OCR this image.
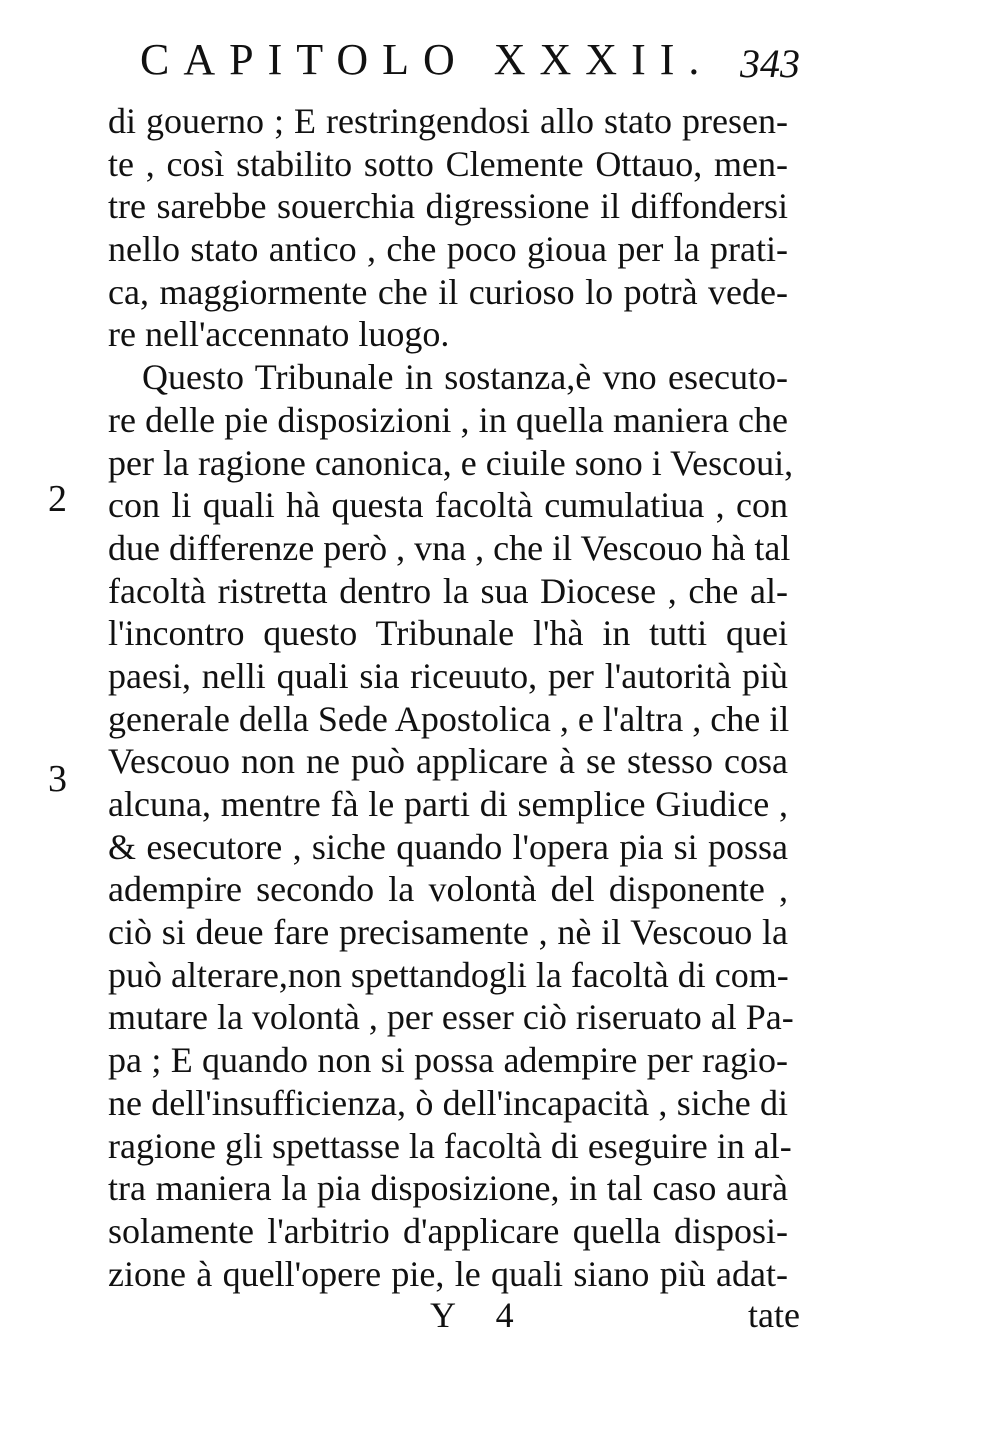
CAPITOLO XXXII. 343
di gouerno ; E restringendosi allo stato presen-
te , così stabilito sotto Clemente Ottauo, men-
tre sarebbe souerchia digressione il diffondersi
nello stato antico , che poco gioua per la prati-
ca, maggiormente che il curioso lo potrà vede-
re nell'accennato luogo.
Questo Tribunale in sostanza,è vno esecuto-
re delle pie disposizioni , in quella maniera che
per la ragione canonica, e ciuile sono i Vescoui,
con li quali hà questa facoltà cumulatiua , con
due differenze però , vna , che il Vescouo hà tal
facoltà ristretta dentro la sua Diocese , che al-
l'incontro questo Tribunale l'hà in tutti quei
paesi, nelli quali sia riceuuto, per l'autorità più
generale della Sede Apostolica , e l'altra , che il
Vescouo non ne può applicare à se stesso cosa
alcuna, mentre fà le parti di semplice Giudice ,
& esecutore , siche quando l'opera pia si possa
adempire secondo la volontà del disponente ,
ciò si deue fare precisamente , nè il Vescouo la
può alterare,non spettandogli la facoltà di com-
mutare la volontà , per esser ciò riseruato al Pa-
pa ; E quando non si possa adempire per ragio-
ne dell'insufficienza, ò dell'incapacità , siche di
ragione gli spettasse la facoltà di eseguire in al-
tra maniera la pia disposizione, in tal caso aurà
solamente l'arbitrio d'applicare quella disposi-
zione à quell'opere pie, le quali siano più adat-
2
3
Y 4	tate
